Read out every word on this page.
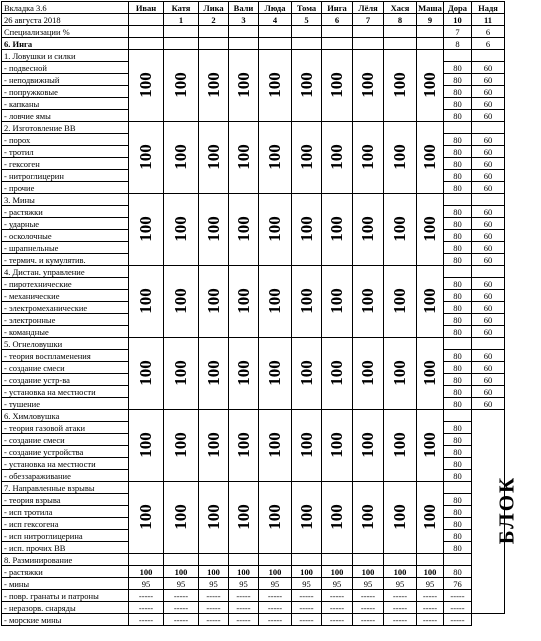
Вкладка 3.6	Иван	Катя	Лика	Вали	Люда	Тома	Инга	Лёля	Хася	Маша	Дора	Надя
26 августа 2018		1	2	3	4	5	6	7	8	9	10	11
Специализации %											7	6
6. Инга											8	6
1. Ловушки и силки	100	100	100	100	100	100	100	100	100	100		
- подвесной											80	60
- неподвижный											80	60
- попружковые											80	60
- капканы											80	60
- ловчие ямы											80	60
2. Изготовление ВВ	100	100	100	100	100	100	100	100	100	100		
- порох											80	60
- тротил											80	60
- гексоген											80	60
- нитроглицерин											80	60
- прочие											80	60
3. Мины	100	100	100	100	100	100	100	100	100	100		
- растяжки											80	60
- ударные											80	60
- осколочные											80	60
- шрапнельные											80	60
- термич. и кумулятив.											80	60
4. Дистан. управление	100	100	100	100	100	100	100	100	100	100		
- пиротехнические											80	60
- механические											80	60
- электромеханические											80	60
- электронные											80	60
- командные											80	60
5. Огнеловушки	100	100	100	100	100	100	100	100	100	100		
- теория воспламенения											80	60
- создание смеси											80	60
- создание устр-ва											80	60
- установка на местности											80	60
- тушение											80	60
6. Химловушка	100	100	100	100	100	100	100	100	100	100		БЛОК
- теория газовой атаки											80	
- создание смеси											80	
- создание устройства											80	
- установка на местности											80	
- обеззараживание											80	
7. Направленные взрывы	100	100	100	100	100	100	100	100	100	100		
- теория взрыва											80	
- исп тротила											80	
- исп гексогена											80	
- исп нитроглицерина											80	
- исп. прочих ВВ											80	
8. Разминирование												
- растяжки	100	100	100	100	100	100	100	100	100	100	80	
- мины	95	95	95	95	95	95	95	95	95	95	76	
- повр. гранаты и патроны	-----	-----	-----	-----	-----	-----	-----	-----	-----	-----	-----	
- неразорв. снаряды	-----	-----	-----	-----	-----	-----	-----	-----	-----	-----	-----	
- морские мины	-----	-----	-----	-----	-----	-----	-----	-----	-----	-----	-----	
